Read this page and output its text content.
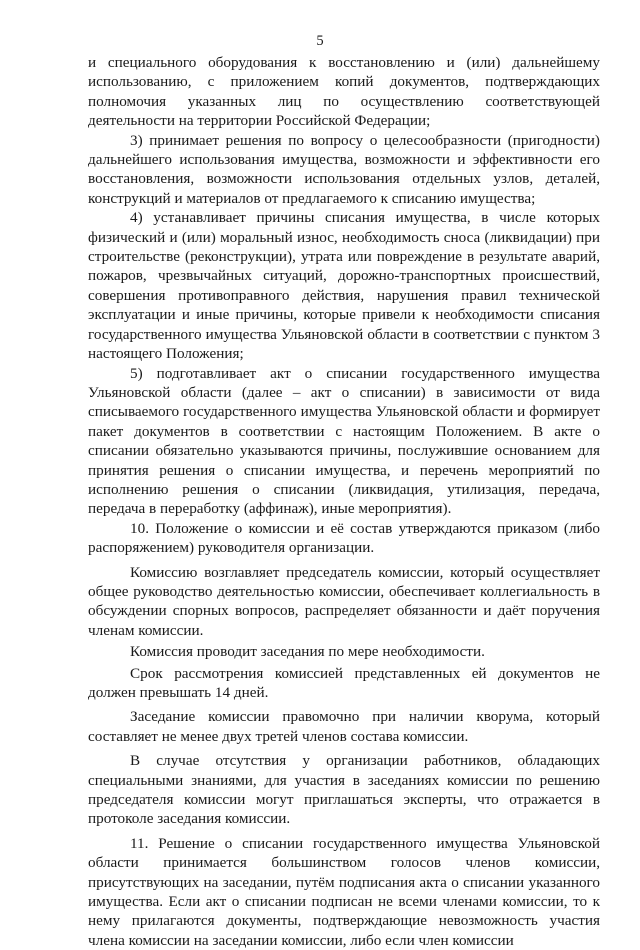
5

и специального оборудования к восстановлению и (или) дальнейшему использованию, с приложением копий документов, подтверждающих полномочия указанных лиц по осуществлению соответствующей деятельности на территории Российской Федерации;

3) принимает решения по вопросу о целесообразности (пригодности) дальнейшего использования имущества, возможности и эффективности его восстановления, возможности использования отдельных узлов, деталей, конструкций и материалов от предлагаемого к списанию имущества;

4) устанавливает причины списания имущества, в числе которых физический и (или) моральный износ, необходимость сноса (ликвидации) при строительстве (реконструкции), утрата или повреждение в результате аварий, пожаров, чрезвычайных ситуаций, дорожно-транспортных происшествий, совершения противоправного действия, нарушения правил технической эксплуатации и иные причины, которые привели к необходимости списания государственного имущества Ульяновской области в соответствии с пунктом 3 настоящего Положения;

5) подготавливает акт о списании государственного имущества Ульяновской области (далее – акт о списании) в зависимости от вида списываемого государственного имущества Ульяновской области и формирует пакет документов в соответствии с настоящим Положением. В акте о списании обязательно указываются причины, послужившие основанием для принятия решения о списании имущества, и перечень мероприятий по исполнению решения о списании (ликвидация, утилизация, передача, передача в переработку (аффинаж), иные мероприятия).

10. Положение о комиссии и её состав утверждаются приказом (либо распоряжением) руководителя организации.

Комиссию возглавляет председатель комиссии, который осуществляет общее руководство деятельностью комиссии, обеспечивает коллегиальность в обсуждении спорных вопросов, распределяет обязанности и даёт поручения членам комиссии.

Комиссия проводит заседания по мере необходимости.

Срок рассмотрения комиссией представленных ей документов не должен превышать 14 дней.

Заседание комиссии правомочно при наличии кворума, который составляет не менее двух третей членов состава комиссии.

В случае отсутствия у организации работников, обладающих специальными знаниями, для участия в заседаниях комиссии по решению председателя комиссии могут приглашаться эксперты, что отражается в протоколе заседания комиссии.

11. Решение о списании государственного имущества Ульяновской области принимается большинством голосов членов комиссии, присутствующих на заседании, путём подписания акта о списании указанного имущества. Если акт о списании подписан не всеми членами комиссии, то к нему прилагаются документы, подтверждающие невозможность участия члена комиссии на заседании комиссии, либо если член комиссии
